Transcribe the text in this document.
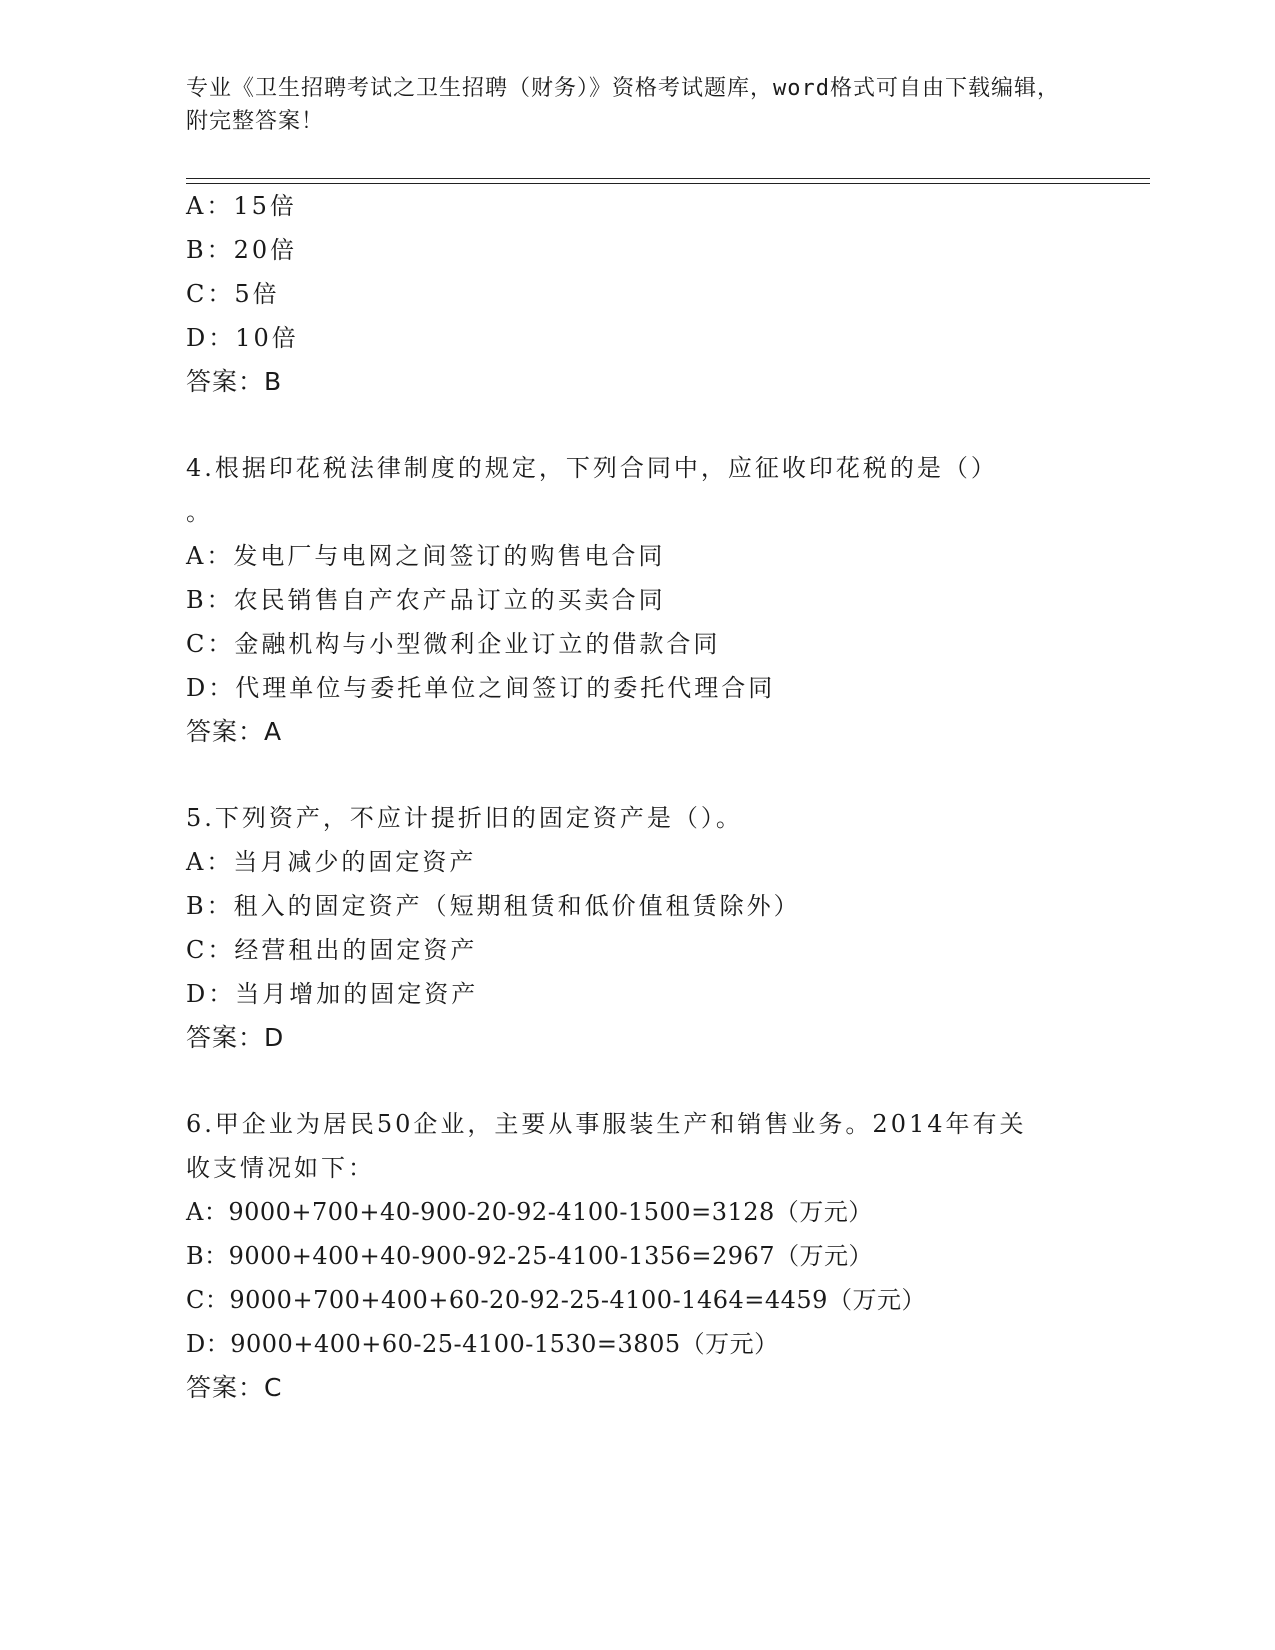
专业《卫生招聘考试之卫生招聘（财务）》资格考试题库，word格式可自由下载编辑，附完整答案！
A：15倍
B：20倍
C：5倍
D：10倍
答案：B
4.根据印花税法律制度的规定，下列合同中，应征收印花税的是（）
。
A：发电厂与电网之间签订的购售电合同
B：农民销售自产农产品订立的买卖合同
C：金融机构与小型微利企业订立的借款合同
D：代理单位与委托单位之间签订的委托代理合同
答案：A
5.下列资产，不应计提折旧的固定资产是（）。
A：当月减少的固定资产
B：租入的固定资产（短期租赁和低价值租赁除外）
C：经营租出的固定资产
D：当月增加的固定资产
答案：D
6.甲企业为居民50企业，主要从事服装生产和销售业务。2014年有关
收支情况如下：
A：9000+700+40-900-20-92-4100-1500=3128（万元）
B：9000+400+40-900-92-25-4100-1356=2967（万元）
C：9000+700+400+60-20-92-25-4100-1464=4459（万元）
D：9000+400+60-25-4100-1530=3805（万元）
答案：C
